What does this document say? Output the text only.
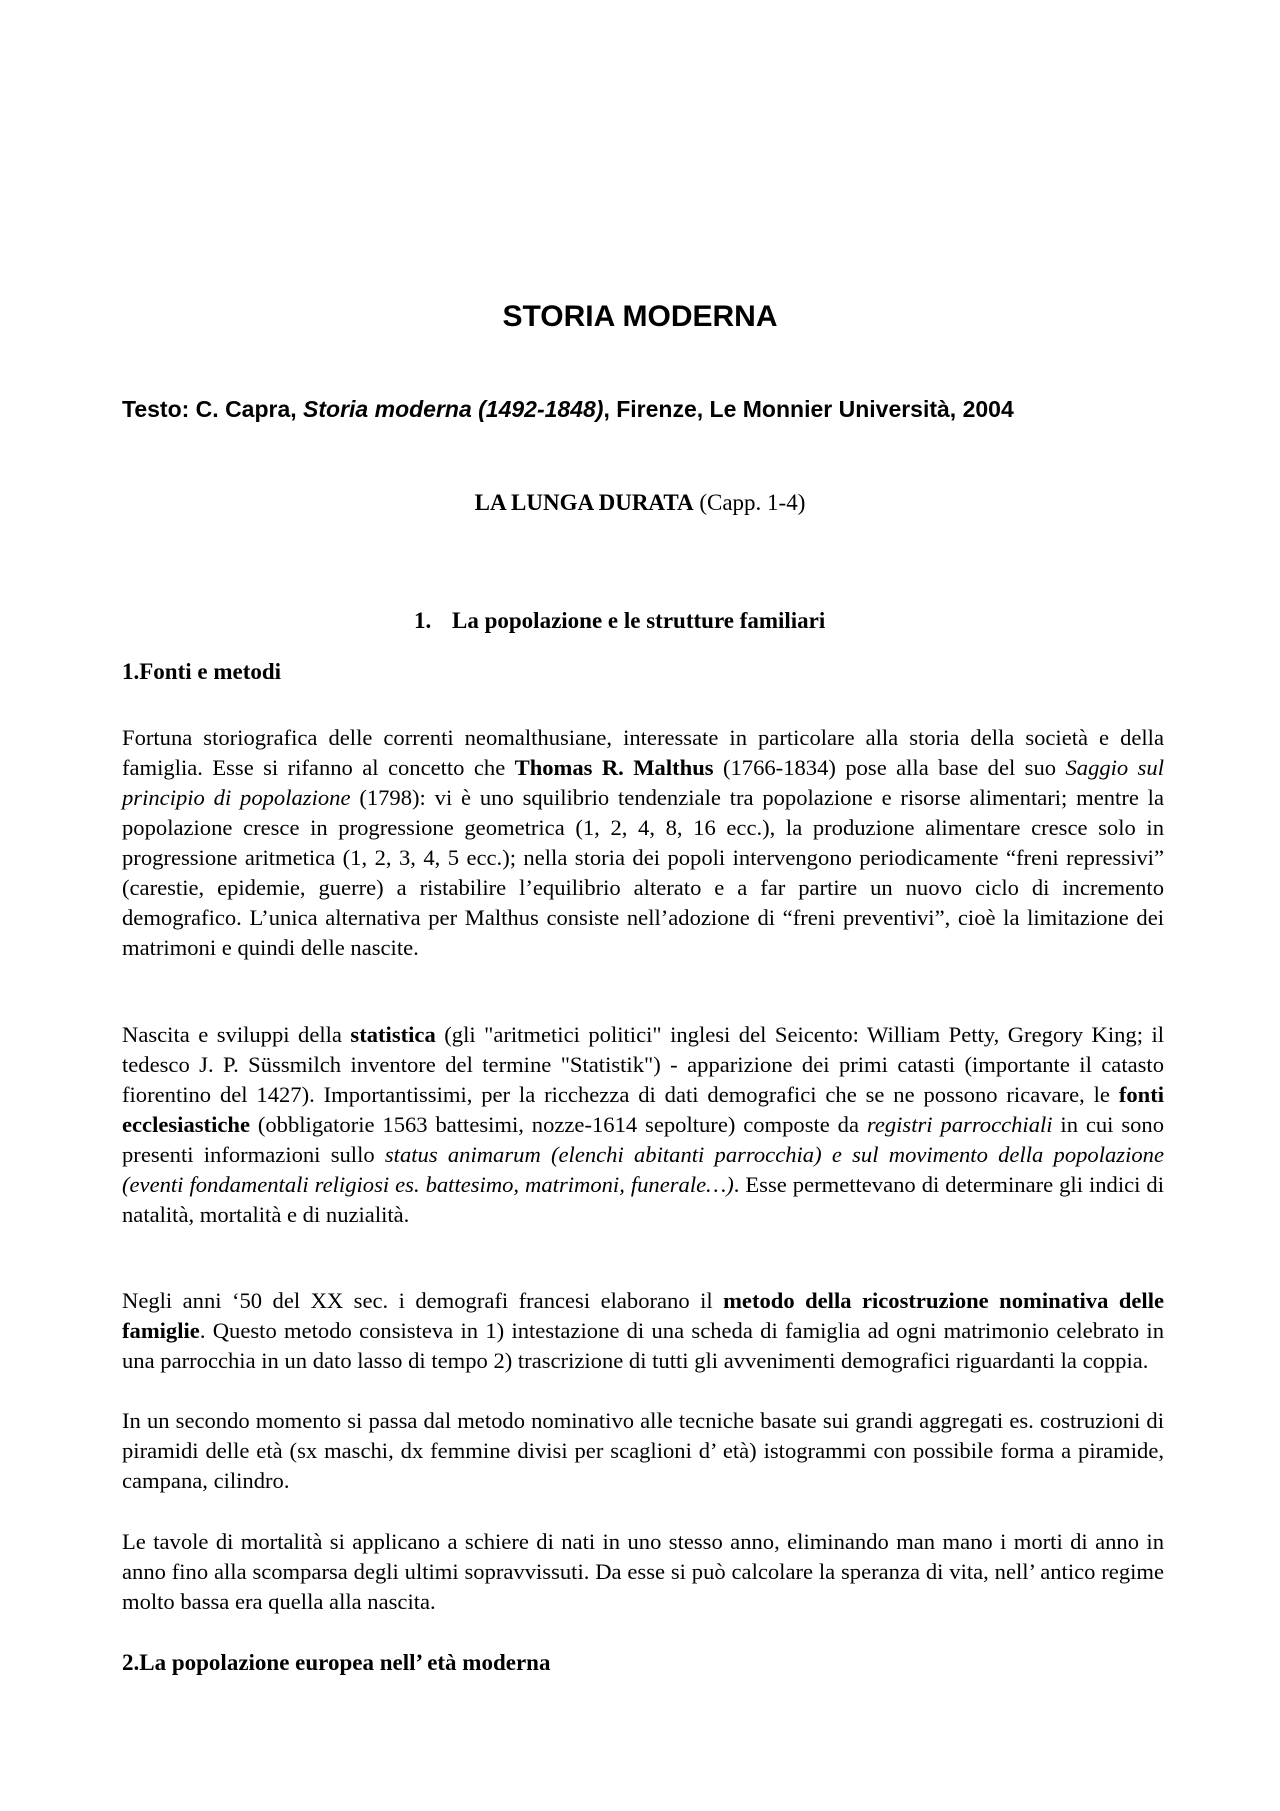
STORIA MODERNA

Testo: C. Capra, Storia moderna (1492-1848), Firenze, Le Monnier Università, 2004

LA LUNGA DURATA (Capp. 1-4)

1. La popolazione e le strutture familiari

1.Fonti e metodi

Fortuna storiografica delle correnti neomalthusiane, interessate in particolare alla storia della società e della famiglia. Esse si rifanno al concetto che Thomas R. Malthus (1766-1834) pose alla base del suo Saggio sul principio di popolazione (1798): vi è uno squilibrio tendenziale tra popolazione e risorse alimentari; mentre la popolazione cresce in progressione geometrica (1, 2, 4, 8, 16 ecc.), la produzione alimentare cresce solo in progressione aritmetica (1, 2, 3, 4, 5 ecc.); nella storia dei popoli intervengono periodicamente “freni repressivi” (carestie, epidemie, guerre) a ristabilire l’equilibrio alterato e a far partire un nuovo ciclo di incremento demografico. L’unica alternativa per Malthus consiste nell’adozione di “freni preventivi”, cioè la limitazione dei matrimoni e quindi delle nascite.

Nascita e sviluppi della statistica (gli "aritmetici politici" inglesi del Seicento: William Petty, Gregory King; il tedesco J. P. Süssmilch inventore del termine "Statistik") - apparizione dei primi catasti (importante il catasto fiorentino del 1427). Importantissimi, per la ricchezza di dati demografici che se ne possono ricavare, le fonti ecclesiastiche (obbligatorie 1563 battesimi, nozze-1614 sepolture) composte da registri parrocchiali in cui sono presenti informazioni sullo status animarum (elenchi abitanti parrocchia) e sul movimento della popolazione (eventi fondamentali religiosi es. battesimo, matrimoni, funerale…). Esse permettevano di determinare gli indici di natalità, mortalità e di nuzialità.

Negli anni ‘50 del XX sec. i demografi francesi elaborano il metodo della ricostruzione nominativa delle famiglie. Questo metodo consisteva in 1) intestazione di una scheda di famiglia ad ogni matrimonio celebrato in una parrocchia in un dato lasso di tempo 2) trascrizione di tutti gli avvenimenti demografici riguardanti la coppia.

In un secondo momento si passa dal metodo nominativo alle tecniche basate sui grandi aggregati es. costruzioni di piramidi delle età (sx maschi, dx femmine divisi per scaglioni d’ età) istogrammi con possibile forma a piramide, campana, cilindro.

Le tavole di mortalità si applicano a schiere di nati in uno stesso anno, eliminando man mano i morti di anno in anno fino alla scomparsa degli ultimi sopravvissuti. Da esse si può calcolare la speranza di vita, nell’ antico regime molto bassa era quella alla nascita.

2.La popolazione europea nell’ età moderna
